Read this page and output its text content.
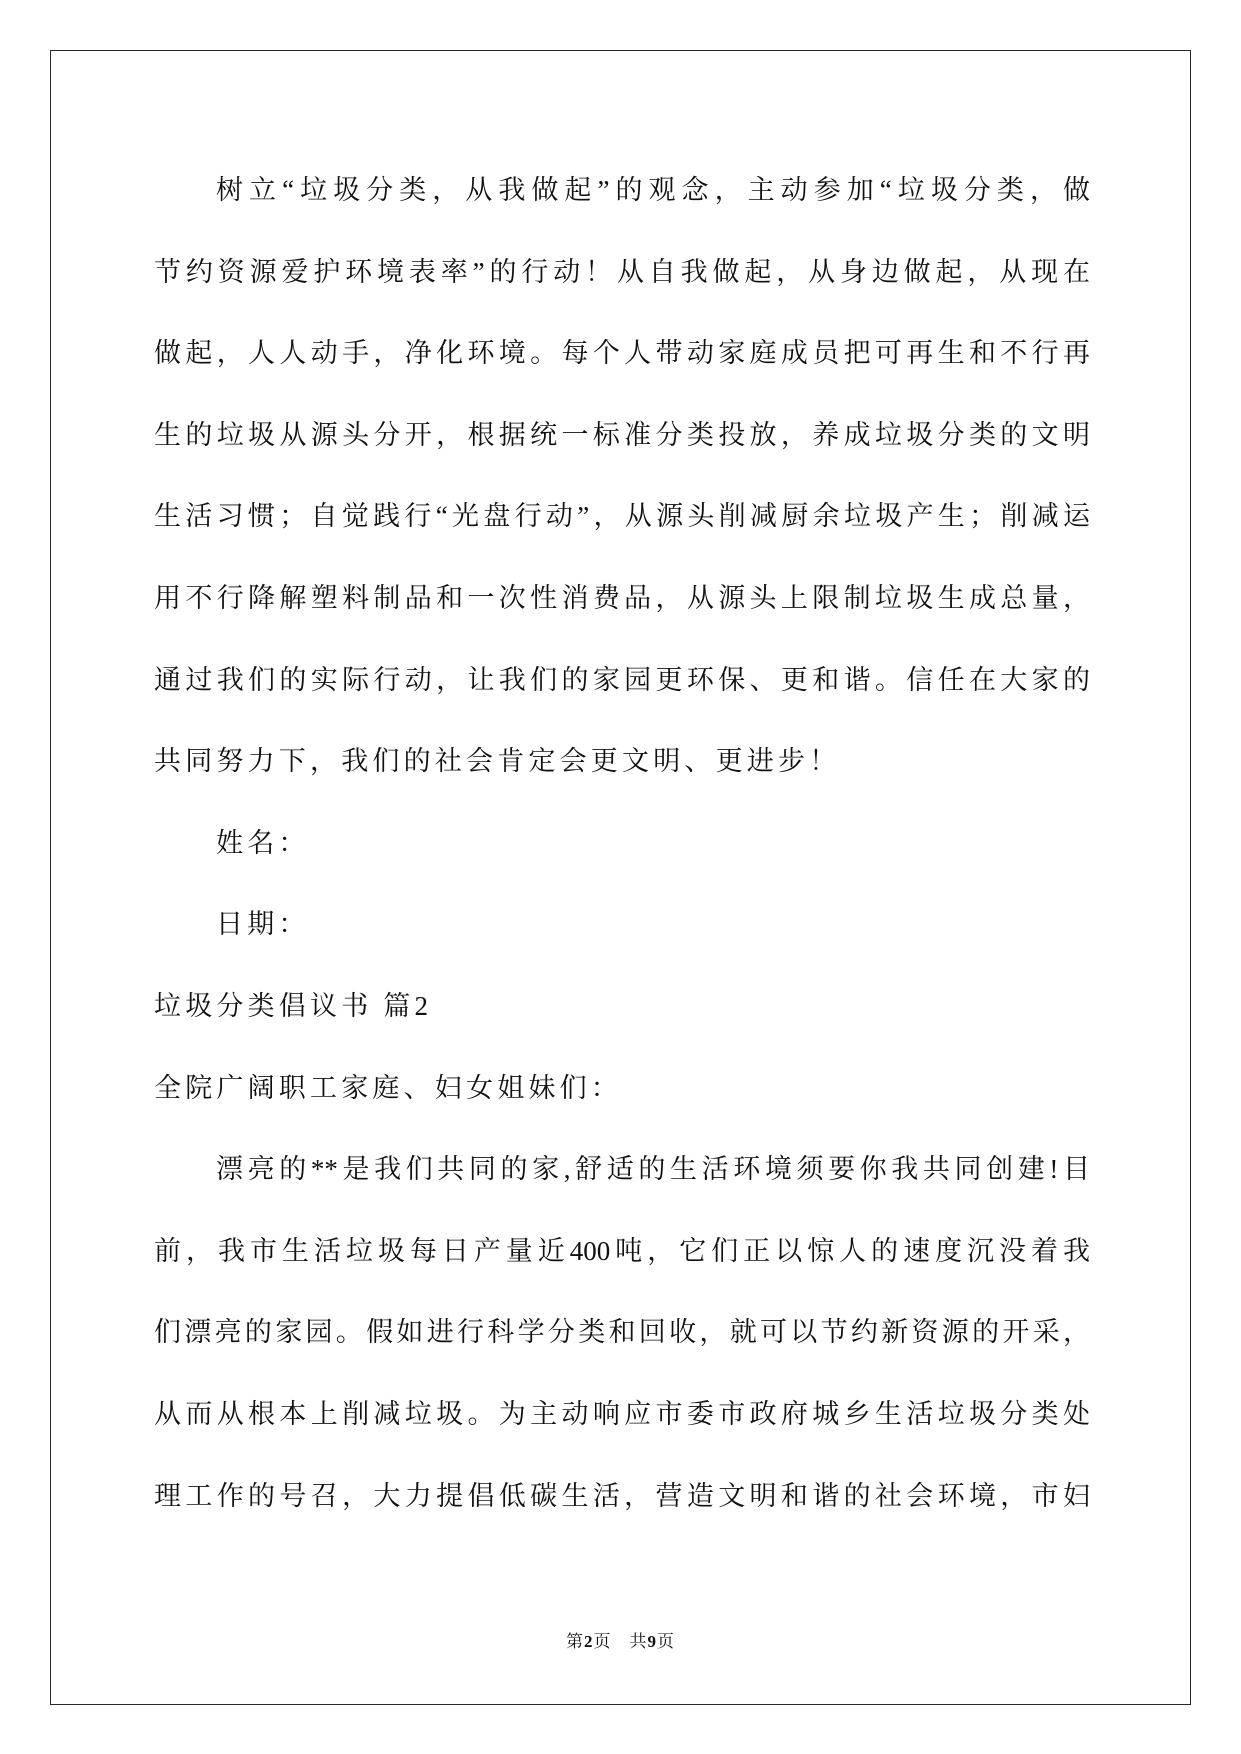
树立“垃圾分类，从我做起”的观念，主动参加“垃圾分类，做
节约资源爱护环境表率”的行动！从自我做起，从身边做起，从现在
做起，人人动手，净化环境。每个人带动家庭成员把可再生和不行再
生的垃圾从源头分开，根据统一标准分类投放，养成垃圾分类的文明
生活习惯；自觉践行“光盘行动”，从源头削减厨余垃圾产生；削减运
用不行降解塑料制品和一次性消费品，从源头上限制垃圾生成总量，
通过我们的实际行动，让我们的家园更环保、更和谐。信任在大家的
共同努力下，我们的社会肯定会更文明、更进步！
姓名：
日期：
垃圾分类倡议书 篇2
全院广阔职工家庭、妇女姐妹们：
漂亮的**是我们共同的家,舒适的生活环境须要你我共同创建!目
前，我市生活垃圾每日产量近400吨，它们正以惊人的速度沉没着我
们漂亮的家园。假如进行科学分类和回收，就可以节约新资源的开采，
从而从根本上削减垃圾。为主动响应市委市政府城乡生活垃圾分类处
理工作的号召，大力提倡低碳生活，营造文明和谐的社会环境，市妇
第2页 共9页
